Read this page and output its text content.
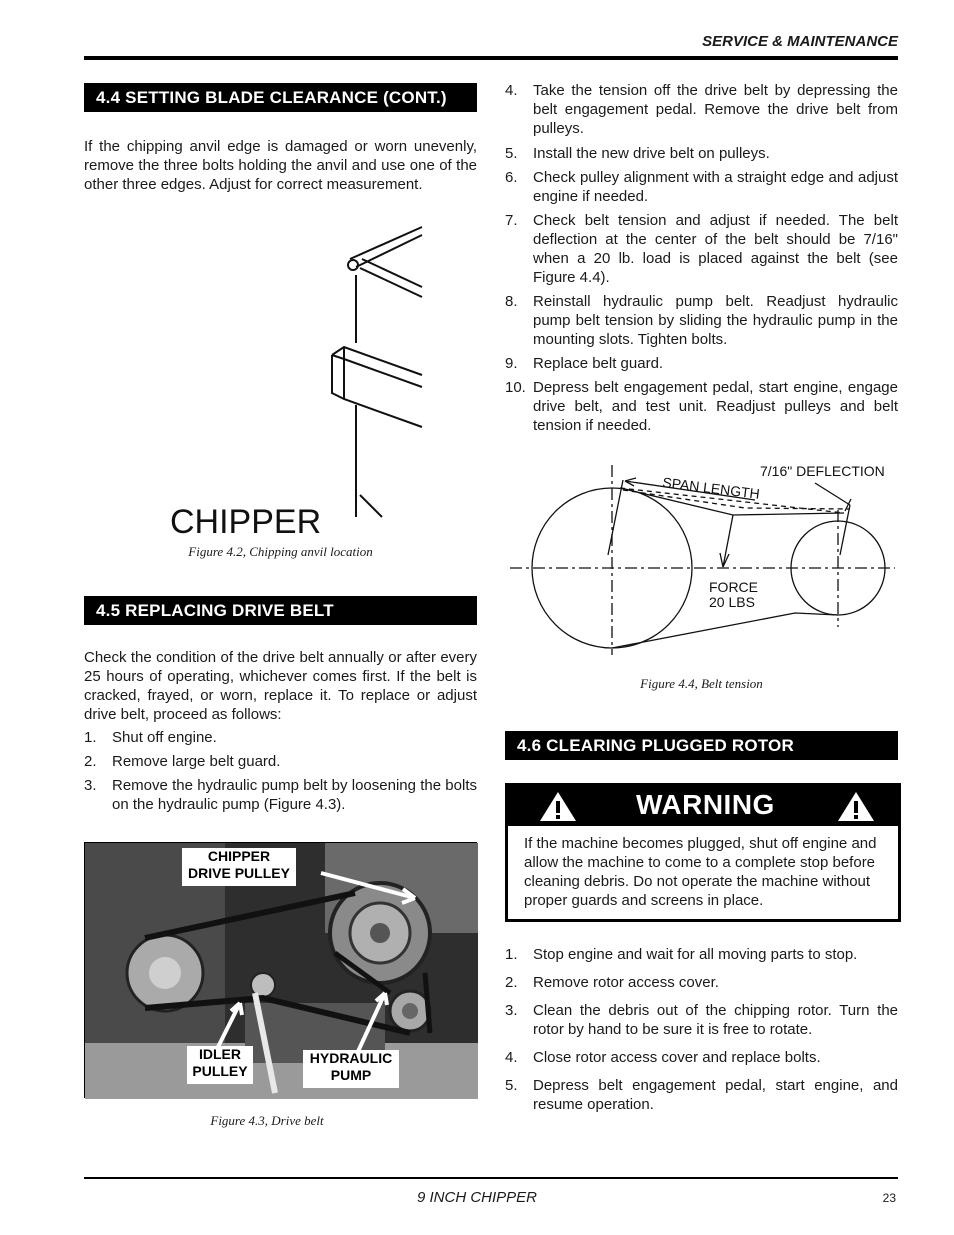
SERVICE & MAINTENANCE
4.4 SETTING BLADE CLEARANCE (CONT.)
If the chipping anvil edge is damaged or worn unevenly, remove the three bolts holding the anvil and use one of the other three edges. Adjust for correct measurement.
CHIPPER
Figure 4.2, Chipping anvil location
4.5 REPLACING DRIVE BELT
Check the condition of the drive belt annually or after every 25 hours of operating, whichever comes first. If the belt is cracked, frayed, or worn, replace it. To replace or adjust drive belt, proceed as follows:
1. Shut off engine.
2. Remove large belt guard.
3. Remove the hydraulic pump belt by loosening the bolts on the hydraulic pump (Figure 4.3).
CHIPPER
DRIVE PULLEY
IDLER
PULLEY
HYDRAULIC
PUMP
Figure 4.3, Drive belt
4. Take the tension off the drive belt by depressing the belt engagement pedal. Remove the drive belt from pulleys.
5. Install the new drive belt on pulleys.
6. Check pulley alignment with a straight edge and adjust engine if needed.
7. Check belt tension and adjust if needed. The belt deflection at the center of the belt should be 7/16" when a 20 lb. load is placed against the belt (see Figure 4.4).
8. Reinstall hydraulic pump belt. Readjust hydraulic pump belt tension by sliding the hydraulic pump in the mounting slots. Tighten bolts.
9. Replace belt guard.
10. Depress belt engagement pedal, start engine, engage drive belt, and test unit. Readjust pulleys and belt tension if needed.
7/16" DEFLECTION
SPAN LENGTH
FORCE
20 LBS
Figure 4.4, Belt tension
4.6 CLEARING PLUGGED ROTOR
WARNING
If the machine becomes plugged, shut off engine and allow the machine to come to a complete stop before cleaning debris. Do not operate the machine without proper guards and screens in place.
1. Stop engine and wait for all moving parts to stop.
2. Remove rotor access cover.
3. Clean the debris out of the chipping rotor. Turn the rotor by hand to be sure it is free to rotate.
4. Close rotor access cover and replace bolts.
5. Depress belt engagement pedal, start engine, and resume operation.
9 INCH CHIPPER	23
